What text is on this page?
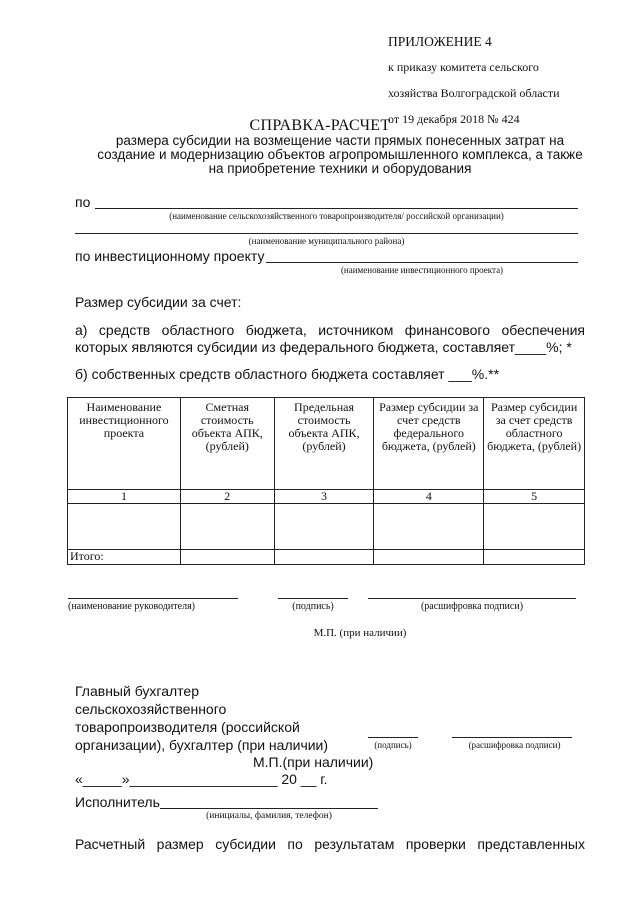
ПРИЛОЖЕНИЕ 4

к приказу комитета сельского

хозяйства Волгоградской области

от 19 декабря 2018 № 424

СПРАВКА-РАСЧЕТ
размера субсидии на возмещение части прямых понесенных затрат на
создание и модернизацию объектов агропромышленного комплекса, а также
на приобретение техники и оборудования
по
(наименование сельскохозяйственного товаропроизводителя/ российской организации)
(наименование муниципального района)
по инвестиционному проекту
(наименование инвестиционного проекта)
Размер субсидии за счет:
а) средств областного бюджета, источником финансового обеспечения
которых являются субсидии из федерального бюджета, составляет____%; *
б) собственных средств областного бюджета составляет ___%.**
Наименование инвестиционного проекта	Сметная стоимость объекта АПК, (рублей)	Предельная стоимость объекта АПК, (рублей)	Размер субсидии за счет средств федерального бюджета, (рублей)	Размер субсидии за счет средств областного бюджета, (рублей)
1	2	3	4	5

Итого:				
(наименование руководителя)	(подпись)	(расшифровка подписи)
М.П. (при наличии)
Главный бухгалтер
сельскохозяйственного
товаропроизводителя (российской
организации), бухгалтер (при наличии)	(подпись)	(расшифровка подписи)
М.П.(при наличии)
«_____»___________________ 20 __ г.
Исполнитель
(инициалы, фамилия, телефон)
Расчетный размер субсидии по результатам проверки представленных
